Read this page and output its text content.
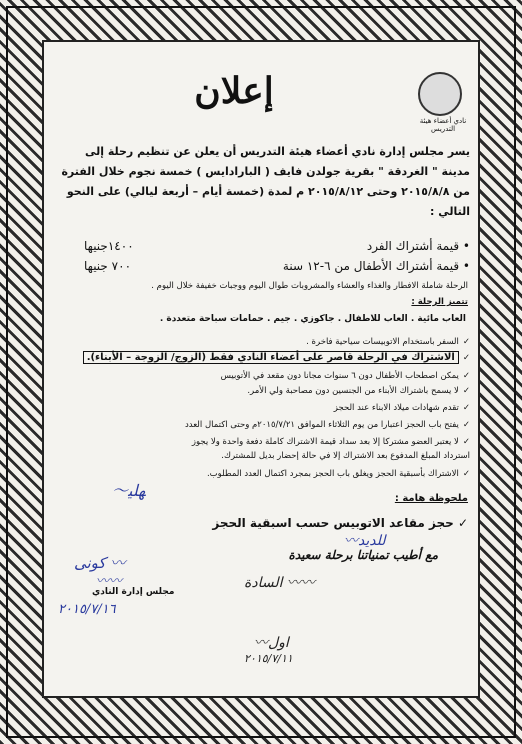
نادي أعضاء هيئة التدريس
إعلان
يسر مجلس إدارة نادي أعضاء هيئة التدريس أن يعلن عن تنظيم رحلة إلى
مدينة " الغردقة " بقرية جولدن فايف ( البارادايس ) خمسة نجوم خلال الفترة
من ٢٠١٥/٨/٨ وحتى ٢٠١٥/٨/١٢ م لمدة (خمسة أيام – أربعة ليالي) على النحو
التالي :
• قيمة أشتراك الفرد
١٤٠٠جنيها
• قيمة أشتراك الأطفال من ٦-١٢ سنة
٧٠٠ جنيها
الرحلة شاملة الافطار والغذاء والعشاء والمشروبات طوال اليوم ووجبات خفيفة خلال اليوم .
تتميز الرحلة :
العاب مائية . العاب للاطفال . جاكوزي . جيم . حمامات سباحة متعددة .
✓السفر باستخدام الاتوبيسات سياحية فاخرة .
✓الاشتراك في الرحلة قاصر على أعضاء النادي فقط (الزوج/ الزوجة – الأبناء).
✓يمكن اصطحاب الأطفال دون ٦ سنوات مجانا دون مقعد في الأتوبيس
✓لا يسمح باشتراك الأبناء من الجنسين دون مصاحبة ولي الأمر.
✓تقدم شهادات ميلاد الابناء عند الحجز
✓يفتح باب الحجز اعتبارا من يوم الثلاثاء الموافق ٢٠١٥/٧/٢١م وحتى اكتمال العدد
✓لا يعتبر العضو مشتركا إلا بعد سداد قيمة الاشتراك كاملة دفعة واحدة ولا يجوز
استرداد المبلغ المدفوع بعد الاشتراك إلا في حالة إحضار بديل للمشترك.
✓الاشتراك بأسبقية الحجز ويغلق باب الحجز بمجرد اكتمال العدد المطلوب.
ملحوظة هامة :
✓ حجز مقاعد الاتوبيس حسب اسبقية الحجز
مع أطيب تمنياتنا برحلة سعيدة
مجلس إدارة النادي
〜ﻬﻠﯿ
ﻛﻮﻧﯽ 〰
〰〰
〰ﻟﻠﺪﻳﺪ
٢٠١٥/٧/١٦
ﺍﻟﺴﺎﺩﺓ 〰〰
〰ﺍﻭﻝ
٢٠١٥/٧/١١
